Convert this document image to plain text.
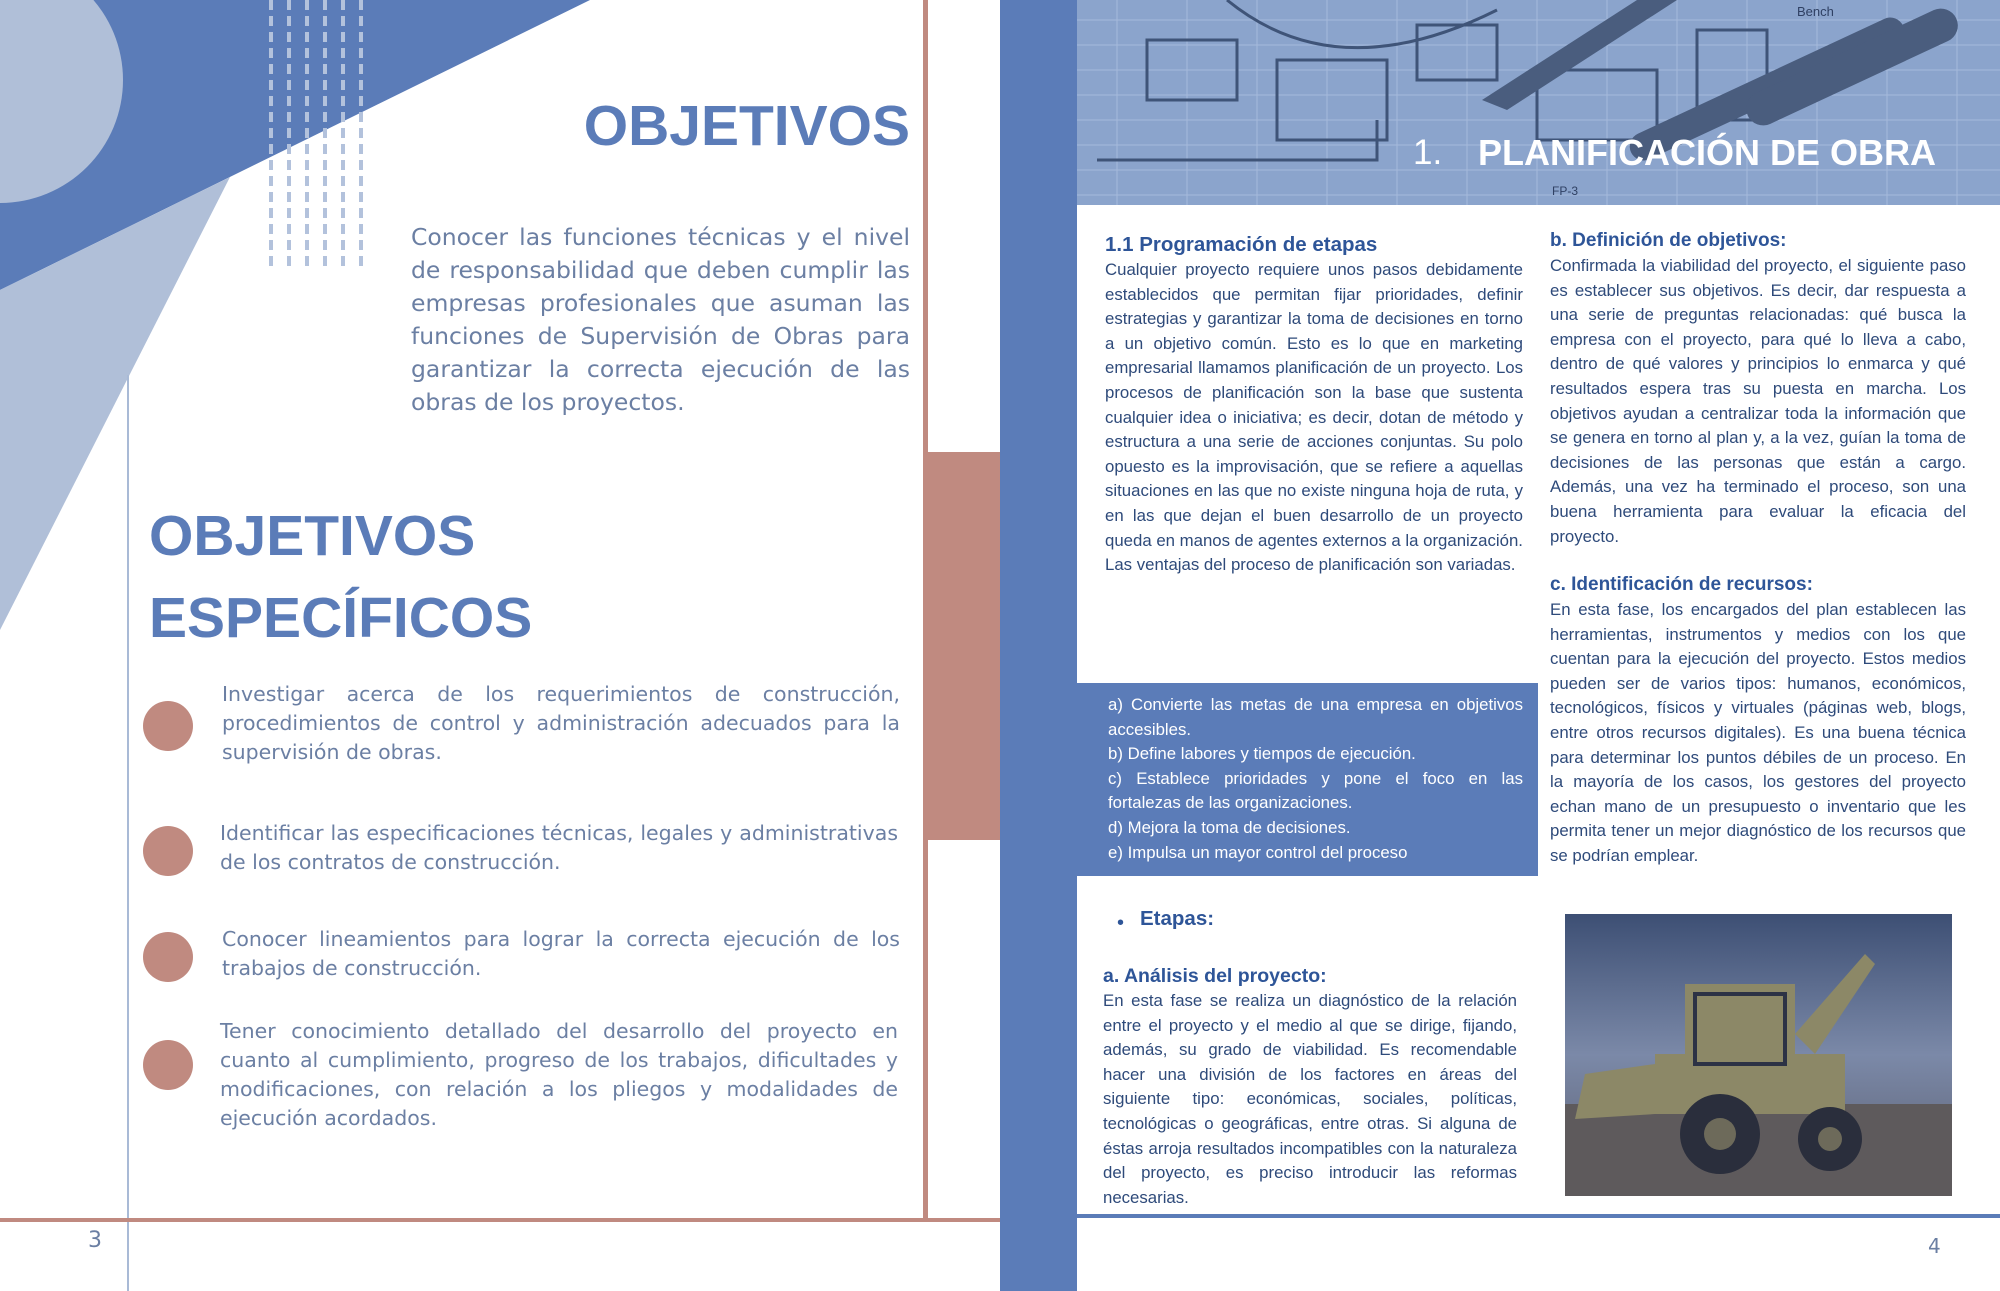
OBJETIVOS
Conocer las funciones técnicas y el nivel de responsabilidad que deben cumplir las empresas profesionales que asuman las funciones de Supervisión de Obras para garantizar la correcta ejecución de las obras de los proyectos.
OBJETIVOS
ESPECÍFICOS
Investigar acerca de los requerimientos de construcción, procedimientos de control y administración adecuados para la supervisión de obras.
Identificar las especificaciones técnicas, legales y administrativas de los contratos de construcción.
Conocer lineamientos para lograr la correcta ejecución de los trabajos de construcción.
Tener conocimiento detallado del desarrollo del proyecto en cuanto al cumplimiento, progreso de los trabajos, dificultades y modificaciones, con relación a los pliegos y modalidades de ejecución acordados.
3
Bench
FP-3
1. PLANIFICACIÓN DE OBRA
1.1 Programación de etapas

Cualquier proyecto requiere unos pasos debidamente establecidos que permitan fijar prioridades, definir estrategias y garantizar la toma de decisiones en torno a un objetivo común. Esto es lo que en marketing empresarial llamamos planificación de un proyecto. Los procesos de planificación son la base que sustenta cualquier idea o iniciativa; es decir, dotan de método y estructura a una serie de acciones conjuntas. Su polo opuesto es la improvisación, que se refiere a aquellas situaciones en las que no existe ninguna hoja de ruta, y en las que dejan el buen desarrollo de un proyecto queda en manos de agentes externos a la organización.

Las ventajas del proceso de planificación son variadas.

a) Convierte las metas de una empresa en objetivos accesibles.
b) Define labores y tiempos de ejecución.
c) Establece prioridades y pone el foco en las fortalezas de las organizaciones.
d) Mejora la toma de decisiones.
e) Impulsa un mayor control del proceso
• Etapas:
a. Análisis del proyecto:

En esta fase se realiza un diagnóstico de la relación entre el proyecto y el medio al que se dirige, fijando, además, su grado de viabilidad. Es recomendable hacer una división de los factores en áreas del siguiente tipo: económicas, sociales, políticas, tecnológicas o geográficas, entre otras. Si alguna de éstas arroja resultados incompatibles con la naturaleza del proyecto, es preciso introducir las reformas necesarias.

b. Definición de objetivos:

Confirmada la viabilidad del proyecto, el siguiente paso es establecer sus objetivos. Es decir, dar respuesta a una serie de preguntas relacionadas: qué busca la empresa con el proyecto, para qué lo lleva a cabo, dentro de qué valores y principios lo enmarca y qué resultados espera tras su puesta en marcha. Los objetivos ayudan a centralizar toda la información que se genera en torno al plan y, a la vez, guían la toma de decisiones de las personas que están a cargo. Además, una vez ha terminado el proceso, son una buena herramienta para evaluar la eficacia del proyecto.

c. Identificación de recursos:

En esta fase, los encargados del plan establecen las herramientas, instrumentos y medios con los que cuentan para la ejecución del proyecto. Estos medios pueden ser de varios tipos: humanos, económicos, tecnológicos, físicos y virtuales (páginas web, blogs, entre otros recursos digitales). Es una buena técnica para determinar los puntos débiles de un proceso. En la mayoría de los casos, los gestores del proyecto echan mano de un presupuesto o inventario que les permita tener un mejor diagnóstico de los recursos que se podrían emplear.

4
